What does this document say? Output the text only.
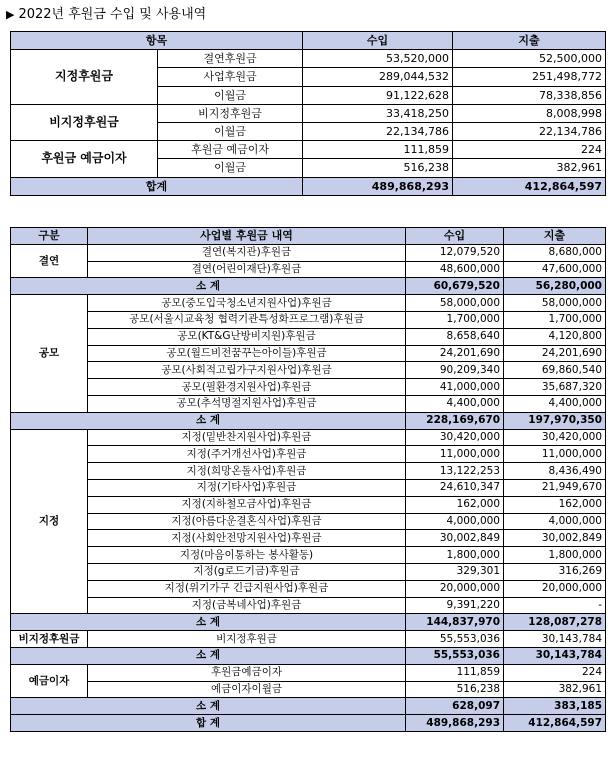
▶ 2022년 후원금 수입 및 사용내역
항목		수입	지출
지정후원금	결연후원금	53,520,000	52,500,000
	사업후원금	289,044,532	251,498,772
	이월금	91,122,628	78,338,856
비지정후원금	비지정후원금	33,418,250	8,008,998
	이월금	22,134,786	22,134,786
후원금 예금이자	후원금 예금이자	111,859	224
	이월금	516,238	382,961
합계		489,868,293	412,864,597
구분	사업별 후원금 내역	수입	지출
결연	결연(복지관)후원금	12,079,520	8,680,000
	결연(어린이재단)후원금	48,600,000	47,600,000
소 계		60,679,520	56,280,000
공모	공모(중도입국청소년지원사업)후원금	58,000,000	58,000,000
	공모(서울시교육청 협력기관특성화프로그램)후원금	1,700,000	1,700,000
	공모(KT&G난방비지원)후원금	8,658,640	4,120,800
	공모(월드비전꿈꾸는아이들)후원금	24,201,690	24,201,690
	공모(사회적고립가구지원사업)후원금	90,209,340	69,860,540
	공모(필환경지원사업)후원금	41,000,000	35,687,320
	공모(추석명절지원사업)후원금	4,400,000	4,400,000
소 계		228,169,670	197,970,350
지정	지정(밑반찬지원사업)후원금	30,420,000	30,420,000
	지정(주거개선사업)후원금	11,000,000	11,000,000
	지정(희망온돌사업)후원금	13,122,253	8,436,490
	지정(기타사업)후원금	24,610,347	21,949,670
	지정(지하철모금사업)후원금	162,000	162,000
	지정(아름다운결혼식사업)후원금	4,000,000	4,000,000
	지정(사회안전망지원사업)후원금	30,002,849	30,002,849
	지정(마음이통하는 봉사활동)	1,800,000	1,800,000
	지정(g로드기금)후원금	329,301	316,269
	지정(위기가구 긴급지원사업)후원금	20,000,000	20,000,000
	지정(금복네사업)후원금	9,391,220	-
소 계		144,837,970	128,087,278
비지정후원금	비지정후원금	55,553,036	30,143,784
소 계		55,553,036	30,143,784
예금이자	후원금예금이자	111,859	224
	예금이자이월금	516,238	382,961
소 계		628,097	383,185
합 계		489,868,293	412,864,597
